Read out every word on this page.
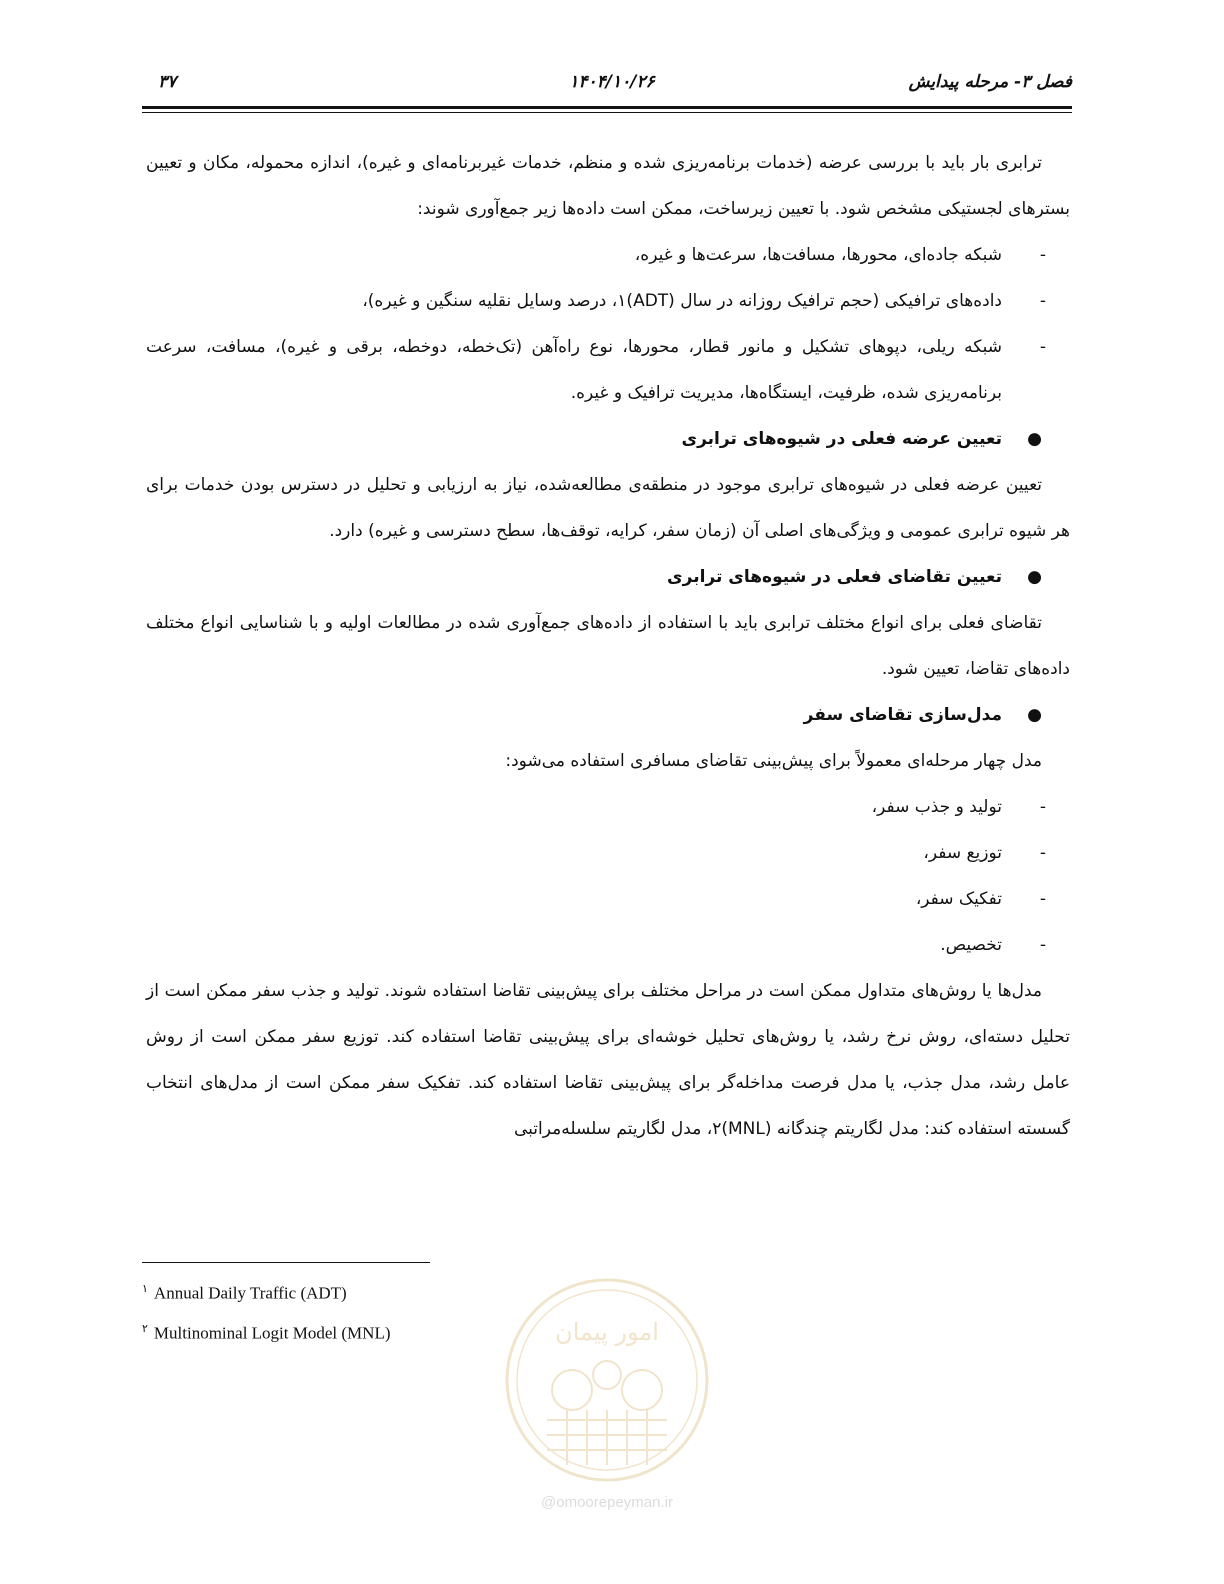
فصل ۳- مرحله پیدایش
۱۴۰۴/۱۰/۲۶
۳۷
ترابری بار باید با بررسی عرضه (خدمات برنامه‌ریزی شده و منظم، خدمات غیربرنامه‌ای و غیره)، اندازه محموله، مکان و تعیین بسترهای لجستیکی مشخص شود. با تعیین زیرساخت، ممکن است داده‌ها زیر جمع‌آوری شوند:
-
شبکه جاده‌ای، محورها، مسافت‌ها، سرعت‌ها و غیره،
-
داده‌های ترافیکی (حجم ترافیک روزانه در سال (ADT)۱، درصد وسایل نقلیه سنگین و غیره)،
-
شبکه ریلی، دپوهای تشکیل و مانور قطار، محورها، نوع راه‌آهن (تک‌خطه، دوخطه، برقی و غیره)، مسافت، سرعت برنامه‌ریزی شده، ظرفیت، ایستگاه‌ها، مدیریت ترافیک و غیره.
●
تعیین عرضه فعلی در شیوه‌های ترابری
تعیین عرضه فعلی در شیوه‌های ترابری موجود در منطقه‌ی مطالعه‌شده، نیاز به ارزیابی و تحلیل در دسترس بودن خدمات برای هر شیوه ترابری عمومی و ویژگی‌های اصلی آن (زمان سفر، کرایه، توقف‌ها، سطح دسترسی و غیره) دارد.
●
تعیین تقاضای فعلی در شیوه‌های ترابری
تقاضای فعلی برای انواع مختلف ترابری باید با استفاده از داده‌های جمع‌آوری شده در مطالعات اولیه و با شناسایی انواع مختلف داده‌های تقاضا، تعیین شود.
●
مدل‌سازی تقاضای سفر
مدل چهار مرحله‌ای معمولاً برای پیش‌بینی تقاضای مسافری استفاده می‌شود:
-
تولید و جذب سفر،
-
توزیع سفر،
-
تفکیک سفر،
-
تخصیص.
مدل‌ها یا روش‌های متداول ممکن است در مراحل مختلف برای پیش‌بینی تقاضا استفاده شوند. تولید و جذب سفر ممکن است از تحلیل دسته‌ای، روش نرخ رشد، یا روش‌های تحلیل خوشه‌ای برای پیش‌بینی تقاضا استفاده کند. توزیع سفر ممکن است از روش عامل رشد، مدل جذب، یا مدل فرصت مداخله‌گر برای پیش‌بینی تقاضا استفاده کند. تفکیک سفر ممکن است از مدل‌های انتخاب گسسته استفاده کند: مدل لگاریتم چندگانه (MNL)۲، مدل لگاریتم سلسله‌مراتبی
$^۱$ Annual Daily Traffic (ADT)
$^۲$ Multinominal Logit Model (MNL)	امور پیمان
@omoorepeyman.ir
